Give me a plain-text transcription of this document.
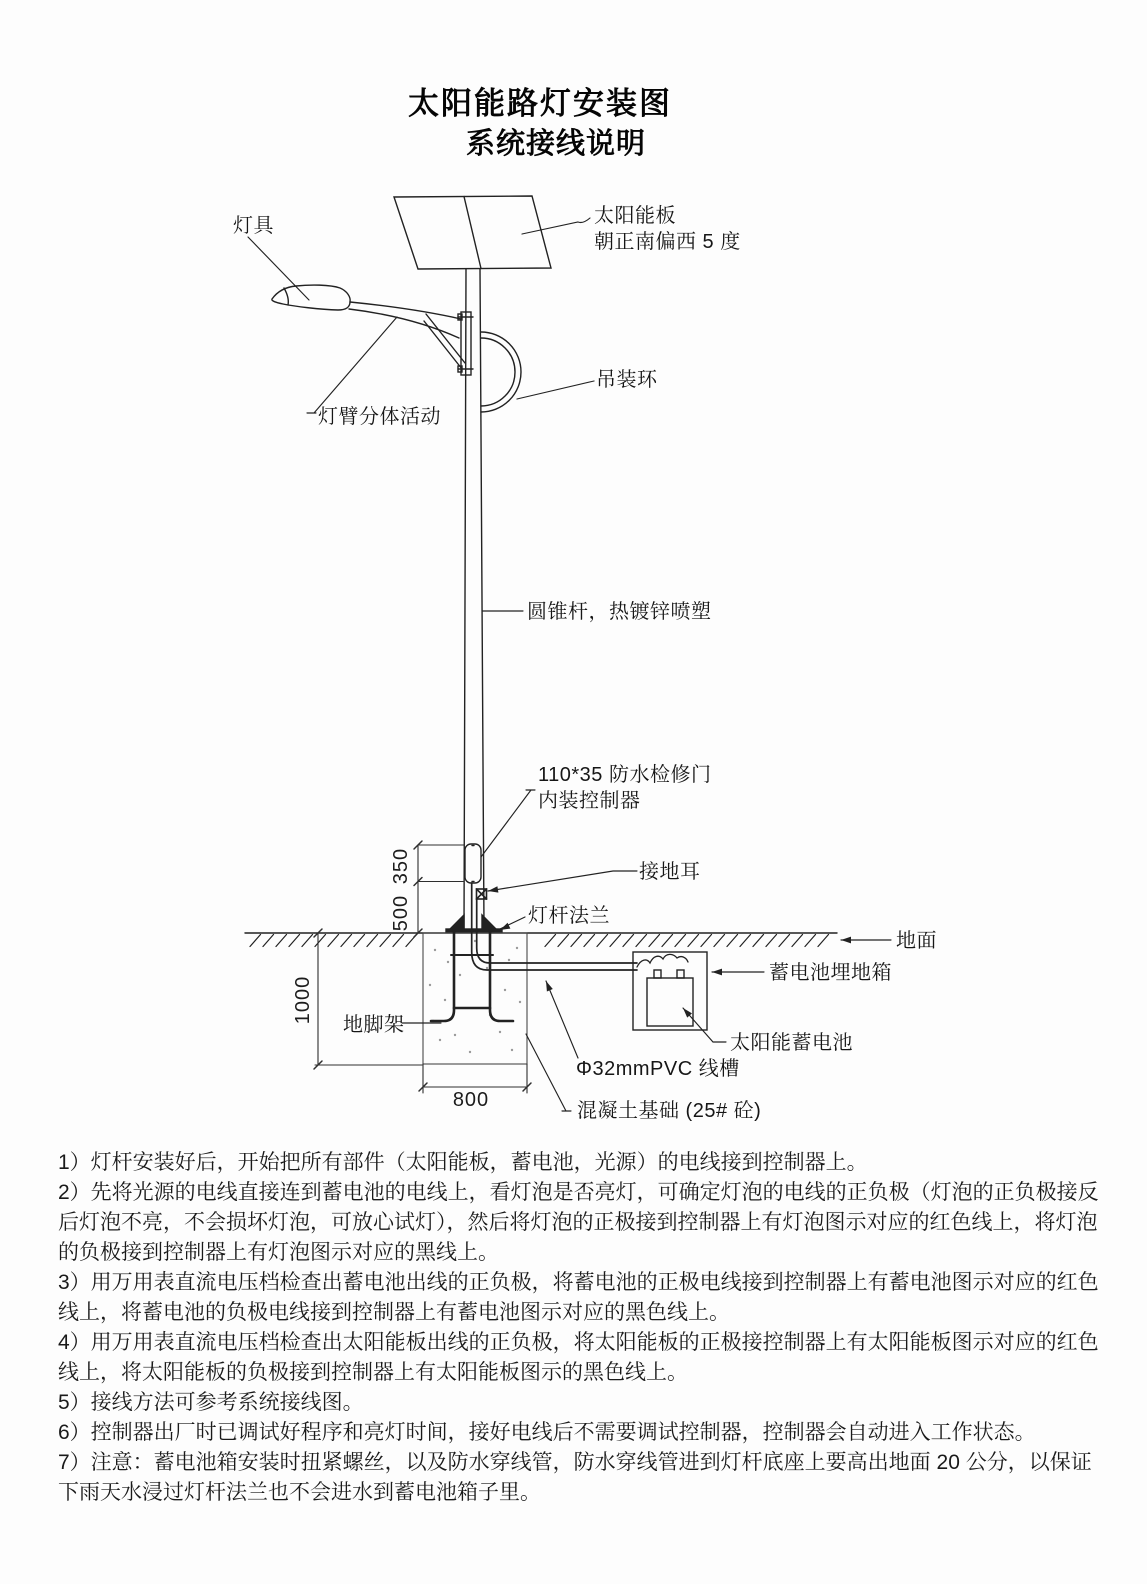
太阳能路灯安装图
系统接线说明
350
500
1000
800
灯具	太阳能板
朝正南偏西 5 度
吊装环
灯臂分体活动
圆锥杆，热镀锌喷塑
110*35 防水检修门
内装控制器
接地耳
灯杆法兰
地面
蓄电池埋地箱
太阳能蓄电池
地脚架
Φ32mmPVC 线槽
混凝土基础 (25# 砼)

1）灯杆安装好后，开始把所有部件（太阳能板，蓄电池，光源）的电线接到控制器上。

2）先将光源的电线直接连到蓄电池的电线上，看灯泡是否亮灯，可确定灯泡的电线的正负极（灯泡的正负极接反后灯泡不亮，不会损坏灯泡，可放心试灯），然后将灯泡的正极接到控制器上有灯泡图示对应的红色线上，将灯泡的负极接到控制器上有灯泡图示对应的黑线上。

3）用万用表直流电压档检查出蓄电池出线的正负极，将蓄电池的正极电线接到控制器上有蓄电池图示对应的红色线上，将蓄电池的负极电线接到控制器上有蓄电池图示对应的黑色线上。

4）用万用表直流电压档检查出太阳能板出线的正负极，将太阳能板的正极接控制器上有太阳能板图示对应的红色线上，将太阳能板的负极接到控制器上有太阳能板图示的黑色线上。

5）接线方法可参考系统接线图。

6）控制器出厂时已调试好程序和亮灯时间，接好电线后不需要调试控制器，控制器会自动进入工作状态。

7）注意：蓄电池箱安装时扭紧螺丝，以及防水穿线管，防水穿线管进到灯杆底座上要高出地面 20 公分，以保证下雨天水浸过灯杆法兰也不会进水到蓄电池箱子里。
